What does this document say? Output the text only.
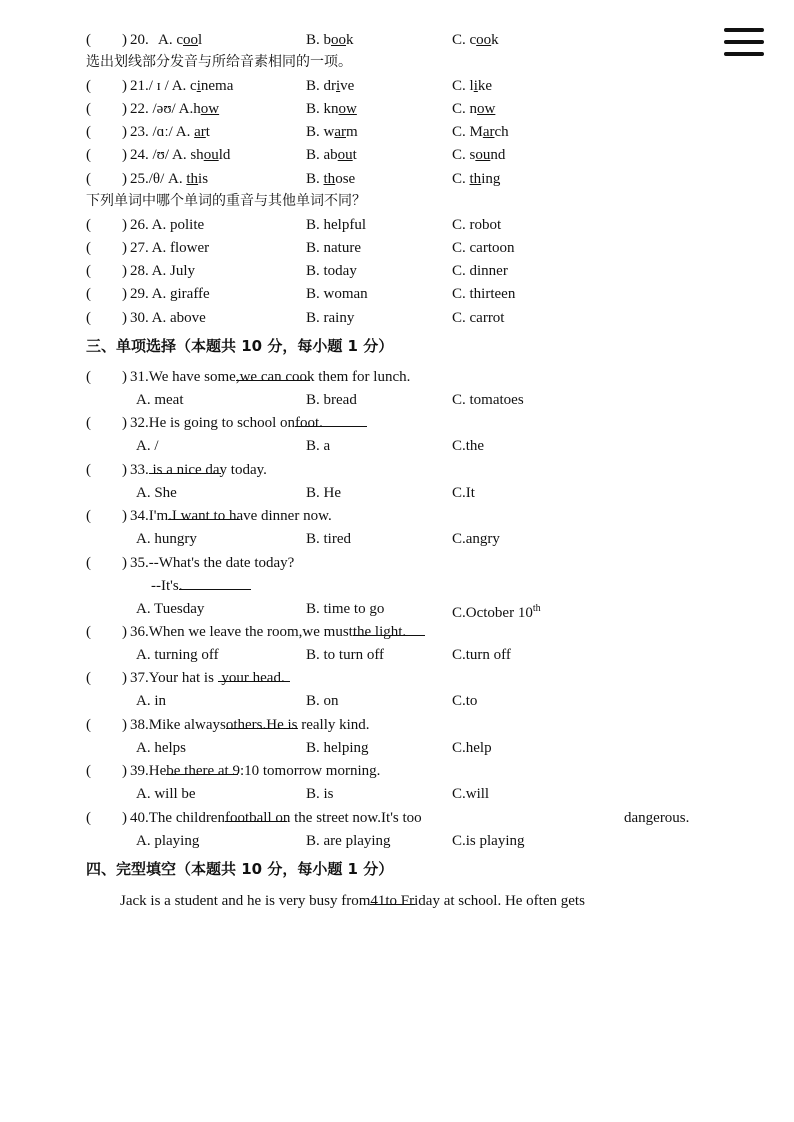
( ) 20. A. cool	B. book	C. cook
选出划线部分发音与所给音素相同的一项。
( ) 21./ ɪ / A. cinema	B. drive	C. like
( ) 22. /əʊ/ A.how	B. know	C. now
( ) 23. /ɑː/ A. art	B. warm	C. March
( ) 24. /ʊ/ A. should	B. about	C. sound
( ) 25./θ/ A. this	B. those	C. thing
下列单词中哪个单词的重音与其他单词不同？
( ) 26. A. polite	B. helpful	C. robot
( ) 27. A. flower	B. nature	C. cartoon
( ) 28. A. July	B. today	C. dinner
( ) 29. A. giraffe	B. woman	C. thirteen
( ) 30. A. above	B. rainy	C. carrot
三、单项选择（本题共 10 分，每小题 1 分）
( ) 31.We have some
,we can cook them for lunch.
A. meat	B. bread	C. tomatoes
( ) 32.He is going to school on
foot.
A. /	B. a	C.the
( ) 33. is a nice day today.
A. She	B. He	C.It
( ) 34.I'm
.I want to have dinner now.
A. hungry	B. tired	C.angry
( ) 35.--What's the date today?
--It's
.
A. Tuesday	B. time to go	C.October 10th
( ) 36.When we leave the room,we must
the light.
A. turning off	B. to turn off	C.turn off
( ) 37.Your hat is your head.
A. in	B. on	C.to
( ) 38.Mike always
others.He is really kind.
A. helps	B. helping	C.help
( ) 39.He
be there at 9:10 tomorrow morning.
A. will be	B. is	C.will
( ) 40.The children
football on the street now.It's too	dangerous.
A. playing	B. are playing	C.is playing
四、完型填空（本题共 10 分，每小题 1 分）
Jack is a student and he is very busy from
41
to Friday at school. He often gets
